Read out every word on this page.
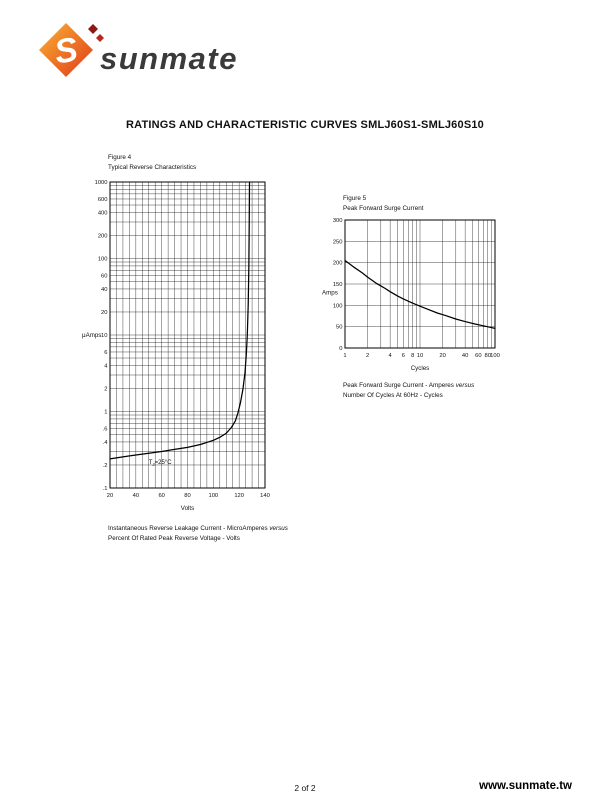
S sunmate
RATINGS AND CHARACTERISTIC CURVES SMLJ60S1-SMLJ60S10
Figure 4
Typical Reverse Characteristics
20	40	60	80	100	120	140
1000
600
400
200
100
60
40
20
10
6
4
2
1
.6
.4
.2
.1
Volts
μAmps
$T_J=25^\circ C$
Figure 5
Peak Forward Surge Current
1	2	4 6 8 10	20	40 60 80 100
300
250
200
150
100
50
0
Cycles
Amps
Peak Forward Surge Current - Amperes versus
Number Of Cycles At 60Hz - Cycles
Instantaneous Reverse Leakage Current - MicroAmperes versus
Percent Of Rated Peak Reverse Voltage - Volts
2 of 2	www.sunmate.tw
